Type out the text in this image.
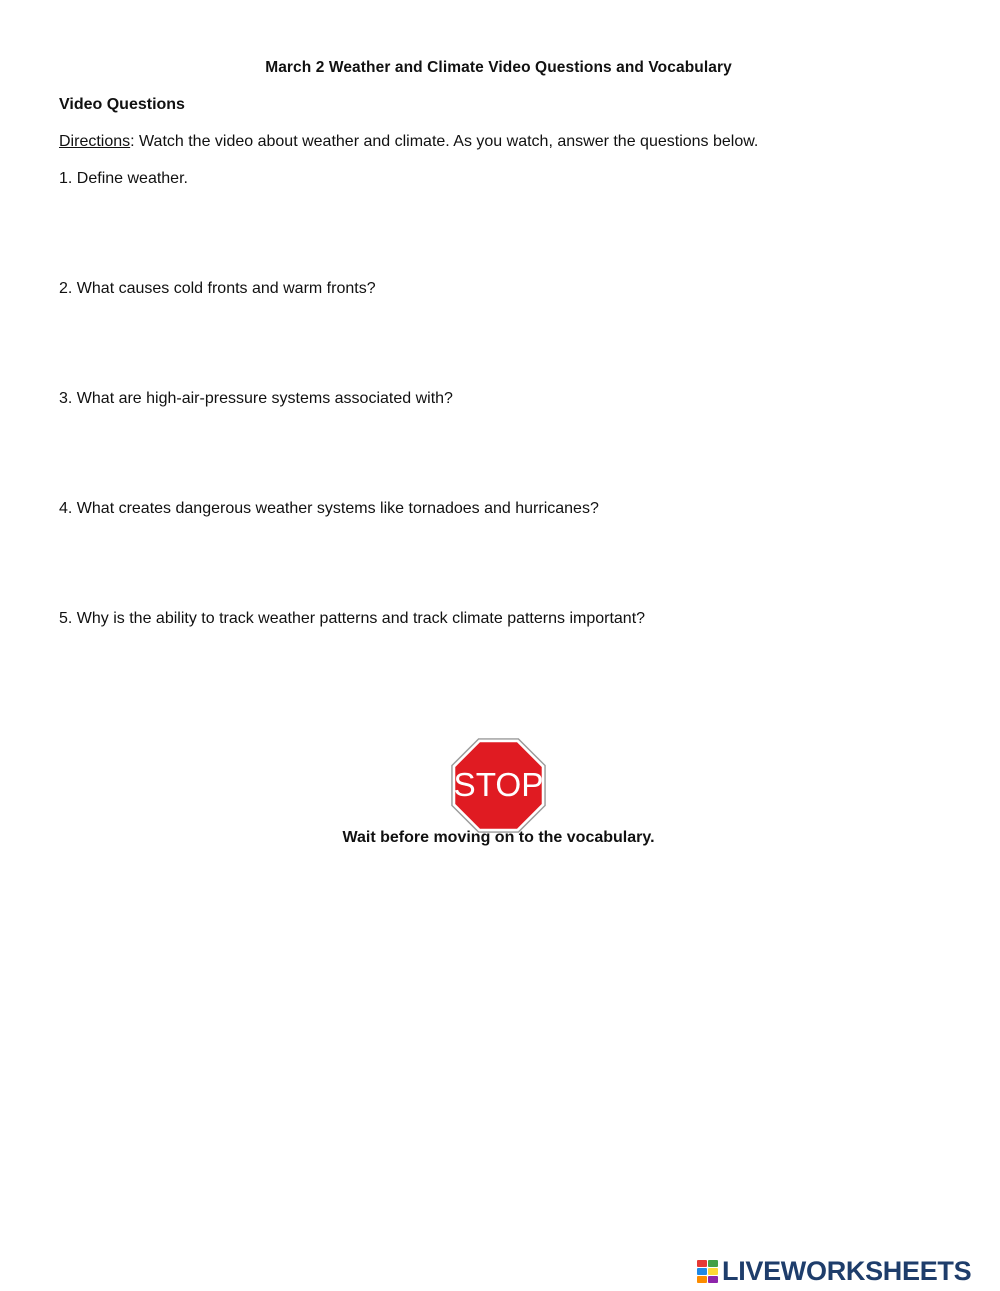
March 2 Weather and Climate Video Questions and Vocabulary
Video Questions
Directions: Watch the video about weather and climate. As you watch, answer the questions below.
1. Define weather.
2. What causes cold fronts and warm fronts?
3. What are high-air-pressure systems associated with?
4. What creates dangerous weather systems like tornadoes and hurricanes?
5. Why is the ability to track weather patterns and track climate patterns important?
STOP
Wait before moving on to the vocabulary.
LIVEWORKSHEETS
